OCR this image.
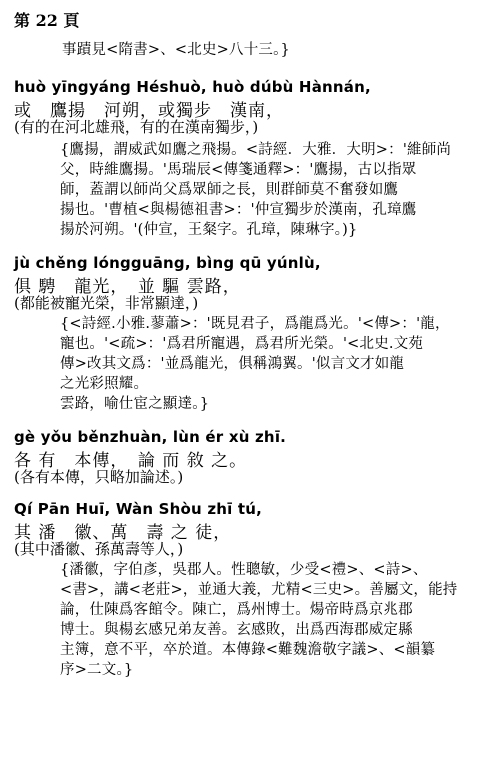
第 22 頁
事蹟見<隋書>、<北史>八十三。}
huò yīngyáng Héshuò, huò dúbù Hànnán,
或　鷹揚　河朔，或獨步　漢南，
(有的在河北雄飛，有的在漢南獨步，)
{鷹揚，謂威武如鷹之飛揚。<詩經．大雅．大明>：'維師尚
父，時維鷹揚。'馬瑞辰<傳箋通釋>：'鷹揚，古以指眾
師，蓋謂以師尚父爲眾師之長，則群師莫不奮發如鷹
揚也。'曹植<與楊德祖書>：'仲宣獨步於漢南，孔璋鷹
揚於河朔。'(仲宣，王粲字。孔璋，陳琳字。)}
jù chěng lóngguāng, bìng qū yúnlù,
俱 騁　龍光，　並 驅 雲路，
(都能被寵光榮，非常顯達，)
{<詩經.小雅.蓼蕭>：'既見君子，爲龍爲光。'<傳>：'龍，
寵也。'<疏>：'爲君所寵遇，爲君所光榮。'<北史.文苑
傳>改其文爲：'並爲龍光，俱稱鴻翼。'似言文才如龍
之光彩照耀。
雲路，喻仕宦之顯達。}
gè yǒu běnzhuàn, lùn ér xù zhī.
各 有　本傳，　論 而 敘 之。
(各有本傳，只略加論述。)
Qí Pān Huī, Wàn Shòu zhī tú,
其 潘　徽、萬　壽 之 徒，
(其中潘徽、孫萬壽等人，)
{潘徽，字伯彥，吳郡人。性聰敏，少受<禮>、<詩>、
<書>，講<老莊>，並通大義，尤精<三史>。善屬文，能持
論，仕陳爲客館令。陳亡，爲州博士。煬帝時爲京兆郡
博士。與楊玄感兄弟友善。玄感敗，出爲西海郡威定縣
主簿，意不平，卒於道。本傳錄<難魏澹敬字議>、<韻纂
序>二文。}
